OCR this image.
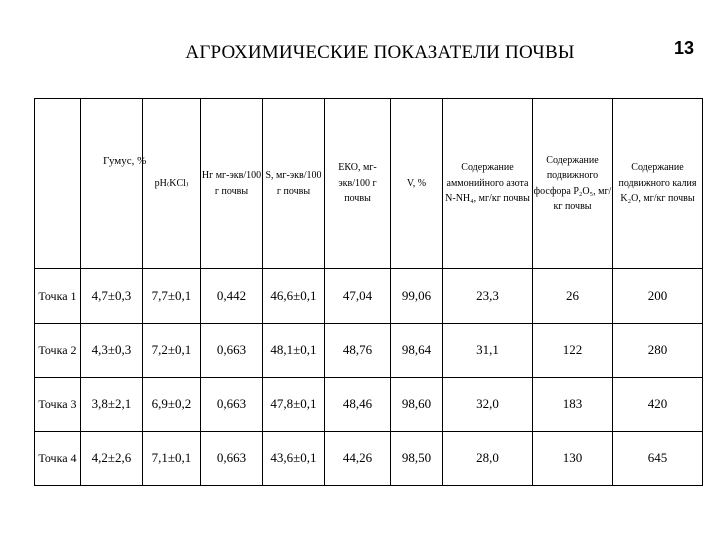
13
АГРОХИМИЧЕСКИЕ ПОКАЗАТЕЛИ ПОЧВЫ
	Гумус, %	pH₍KCl₎	Нг мг-экв/100 г почвы	S, мг-экв/100 г почвы	ЕКО, мг-экв/100 г почвы	V, %	Содержание аммонийного азота N-NH₄, мг/кг почвы	Содержание подвижного фосфора P₂O₅, мг/кг почвы	Содержание подвижного калия K₂O, мг/кг почвы
Точка 1	4,7±0,3	7,7±0,1	0,442	46,6±0,1	47,04	99,06	23,3	26	200
Точка 2	4,3±0,3	7,2±0,1	0,663	48,1±0,1	48,76	98,64	31,1	122	280
Точка 3	3,8±2,1	6,9±0,2	0,663	47,8±0,1	48,46	98,60	32,0	183	420
Точка 4	4,2±2,6	7,1±0,1	0,663	43,6±0,1	44,26	98,50	28,0	130	645
